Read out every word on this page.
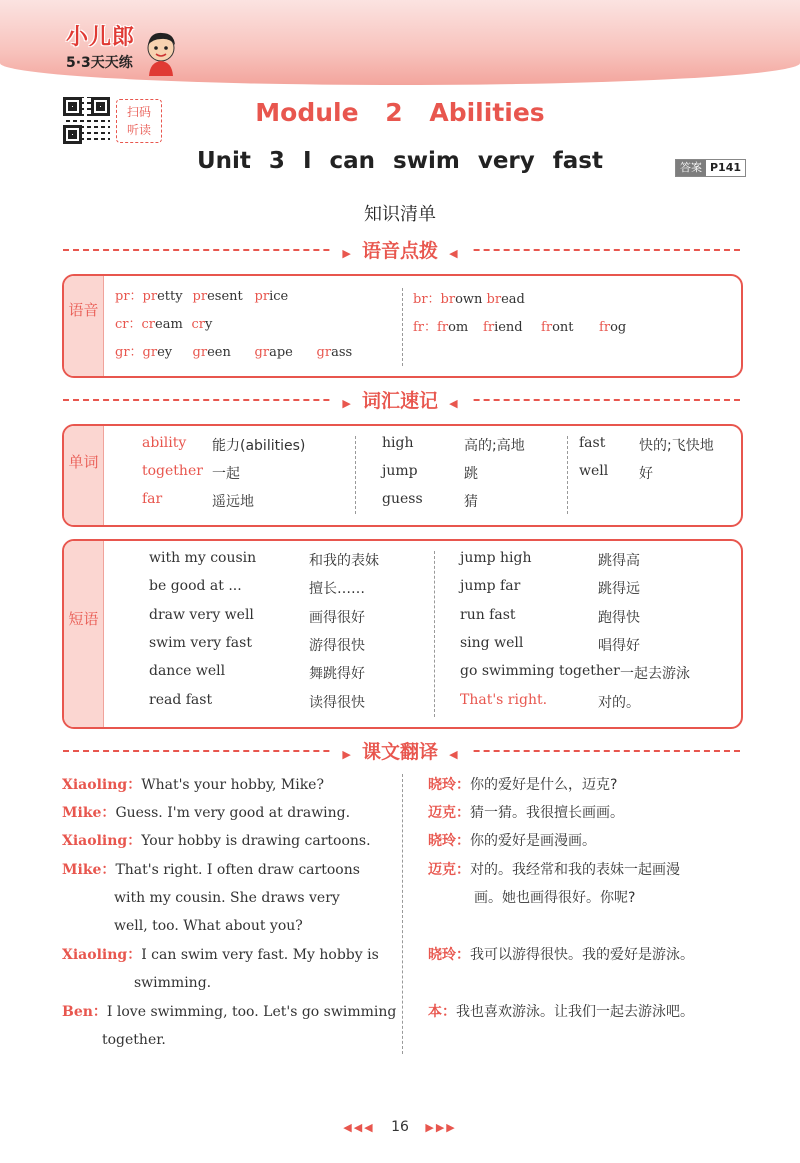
小儿郎
5·3天天练
扫码
听读
Module 2 Abilities
Unit 3 I can swim very fast	答案 P141
知识清单
▶ 语音点拨 ◀
语音
pr：pretty present price
cr：cream cry
gr：grey green grape grass
br：brown bread
fr：from friend front frog
▶ 词汇速记 ◀
单词
ability 能力(abilities)
together 一起
far	遥远地
high	高的;高地
jump	跳
guess	猜
fast 快的;飞快地
well 好
短语
with my cousin	和我的表妹
be good at ...	擅长……
draw very well	画得很好
swim very fast	游得很快
dance well	舞跳得好
read fast	读得很快
jump high	跳得高
jump far	跳得远
run fast	跑得快
sing well	唱得好
go swimming together 一起去游泳
That's right.	对的。
▶ 课文翻译 ◀
Xiaoling：What's your hobby, Mike?
Mike：Guess. I'm very good at drawing.
Xiaoling：Your hobby is drawing cartoons.
Mike：That's right. I often draw cartoons
with my cousin. She draws very
well, too. What about you?
Xiaoling：I can swim very fast. My hobby is
swimming.
Ben：I love swimming, too. Let's go swimming
together.
晓玲：你的爱好是什么，迈克?
迈克：猜一猜。我很擅长画画。
晓玲：你的爱好是画漫画。
迈克：对的。我经常和我的表妹一起画漫
画。她也画得很好。你呢?
晓玲：我可以游得很快。我的爱好是游泳。
本：我也喜欢游泳。让我们一起去游泳吧。
◀◀◀ 16 ▶▶▶
